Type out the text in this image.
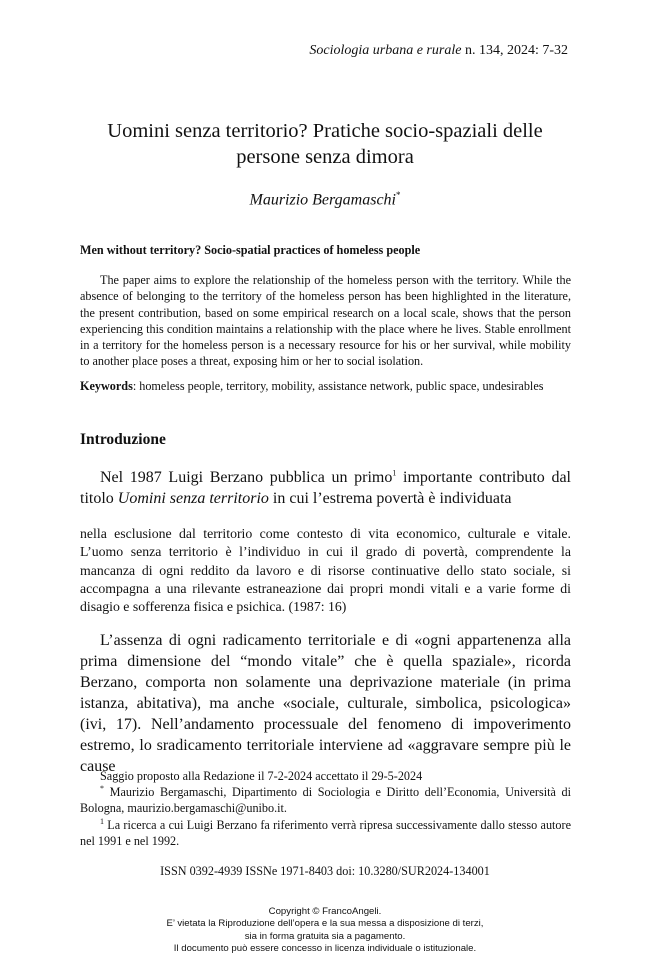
Sociologia urbana e rurale n. 134, 2024: 7-32
Uomini senza territorio? Pratiche socio-spaziali delle
persone senza dimora
Maurizio Bergamaschi*
Men without territory? Socio-spatial practices of homeless people

The paper aims to explore the relationship of the homeless person with the territory. While the absence of belonging to the territory of the homeless person has been highlighted in the literature, the present contribution, based on some empirical research on a local scale, shows that the person experiencing this condition maintains a relationship with the place where he lives. Stable enrollment in a territory for the homeless person is a necessary resource for his or her survival, while mobility to another place poses a threat, exposing him or her to social isolation.

Keywords: homeless people, territory, mobility, assistance network, public space, undesirables
Introduzione
Nel 1987 Luigi Berzano pubblica un primo$^1$ importante contributo dal titolo Uomini senza territorio in cui l’estrema povertà è individuata
nella esclusione dal territorio come contesto di vita economico, culturale e vitale. L’uomo senza territorio è l’individuo in cui il grado di povertà, comprendente la mancanza di ogni reddito da lavoro e di risorse continuative dello stato sociale, si accompagna a una rilevante estraneazione dai propri mondi vitali e a varie forme di disagio e sofferenza fisica e psichica. (1987: 16)
L’assenza di ogni radicamento territoriale e di «ogni appartenenza alla prima dimensione del “mondo vitale” che è quella spaziale», ricorda Berzano, comporta non solamente una deprivazione materiale (in prima istanza, abitativa), ma anche «sociale, culturale, simbolica, psicologica» (ivi, 17). Nell’andamento processuale del fenomeno di impoverimento estremo, lo sradicamento territoriale interviene ad «aggravare sempre più le cause

Saggio proposto alla Redazione il 7-2-2024 accettato il 29-5-2024

* Maurizio Bergamaschi, Dipartimento di Sociologia e Diritto dell’Economia, Università di Bologna, maurizio.bergamaschi@unibo.it.

$^1$ La ricerca a cui Luigi Berzano fa riferimento verrà ripresa successivamente dallo stesso autore nel 1991 e nel 1992.

ISSN 0392-4939 ISSNe 1971-8403 doi: 10.3280/SUR2024-134001
Copyright © FrancoAngeli.
E’ vietata la Riproduzione dell’opera e la sua messa a disposizione di terzi,
sia in forma gratuita sia a pagamento.
Il documento può essere concesso in licenza individuale o istituzionale.
